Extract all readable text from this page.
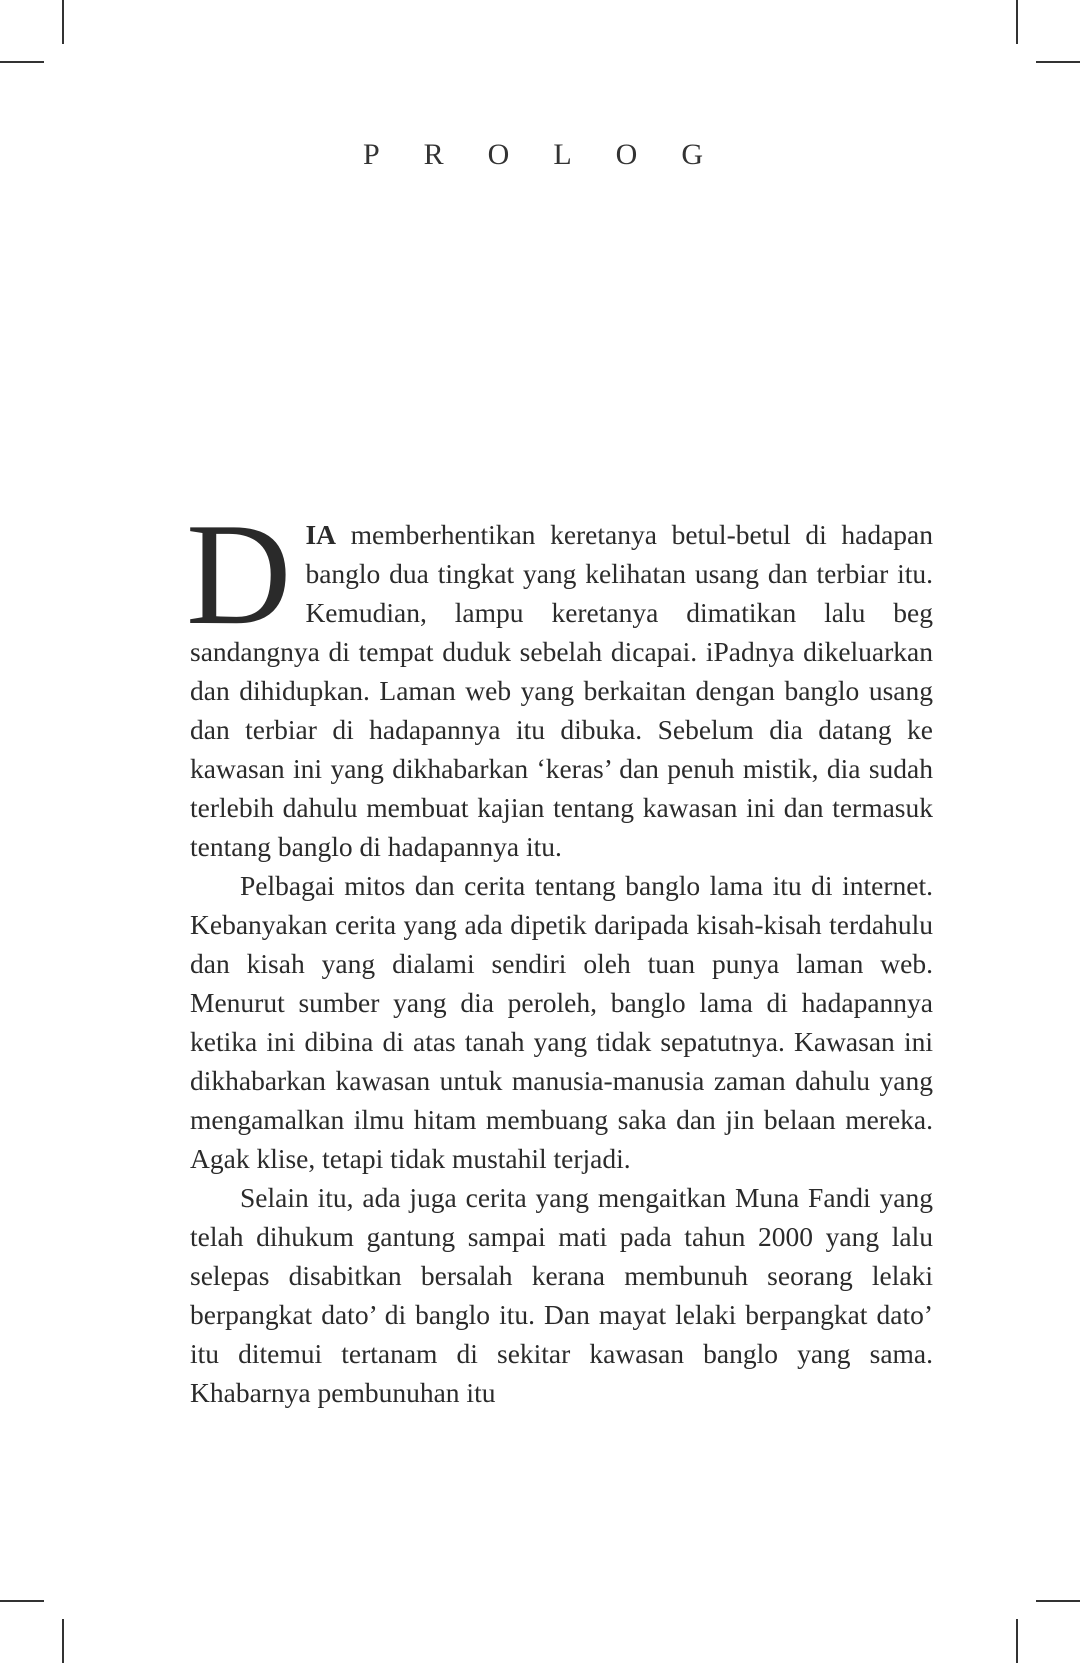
PROLOG

DIA memberhentikan keretanya betul-betul di hadapan banglo dua tingkat yang kelihatan usang dan terbiar itu. Kemudian, lampu keretanya dimatikan lalu beg sandangnya di tempat duduk sebelah dicapai. iPadnya dikeluarkan dan dihidupkan. Laman web yang berkaitan dengan banglo usang dan terbiar di hadapannya itu dibuka. Sebelum dia datang ke kawasan ini yang dikhabarkan ‘keras’ dan penuh mistik, dia sudah terlebih dahulu membuat kajian tentang kawasan ini dan termasuk tentang banglo di hadapannya itu.

Pelbagai mitos dan cerita tentang banglo lama itu di internet. Kebanyakan cerita yang ada dipetik daripada kisah-kisah terdahulu dan kisah yang dialami sendiri oleh tuan punya laman web. Menurut sumber yang dia peroleh, banglo lama di hadapannya ketika ini dibina di atas tanah yang tidak sepatutnya. Kawasan ini dikhabarkan kawasan untuk manusia-manusia zaman dahulu yang mengamalkan ilmu hitam membuang saka dan jin belaan mereka. Agak klise, tetapi tidak mustahil terjadi.

Selain itu, ada juga cerita yang mengaitkan Muna Fandi yang telah dihukum gantung sampai mati pada tahun 2000 yang lalu selepas disabitkan bersalah kerana membunuh seorang lelaki berpangkat dato’ di banglo itu. Dan mayat lelaki berpangkat dato’ itu ditemui tertanam di sekitar kawasan banglo yang sama. Khabarnya pembunuhan itu
